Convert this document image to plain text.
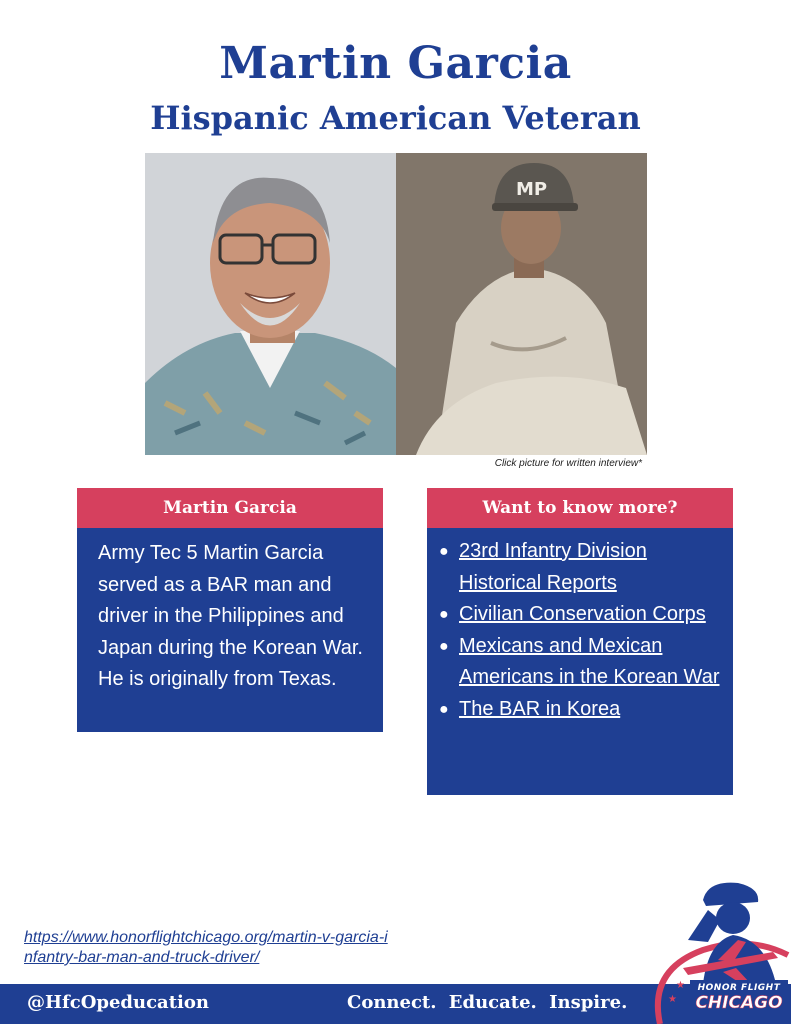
Martin Garcia
Hispanic American Veteran
MP
Click picture for written interview*
Martin Garcia

Army Tec 5 Martin Garcia served as a BAR man and driver in the Philippines and Japan during the Korean War. He is originally from Texas.

Want to know more?
● 23rd Infantry Division Historical Reports
● Civilian Conservation Corps
● Mexicans and Mexican Americans in the Korean War
● The BAR in Korea
https://www.honorflightchicago.org/martin-v-garcia-infantry-bar-man-and-truck-driver/
@HfcOpeducation	Connect. Educate. Inspire.
★
★
HONOR FLIGHT
CHICAGO
